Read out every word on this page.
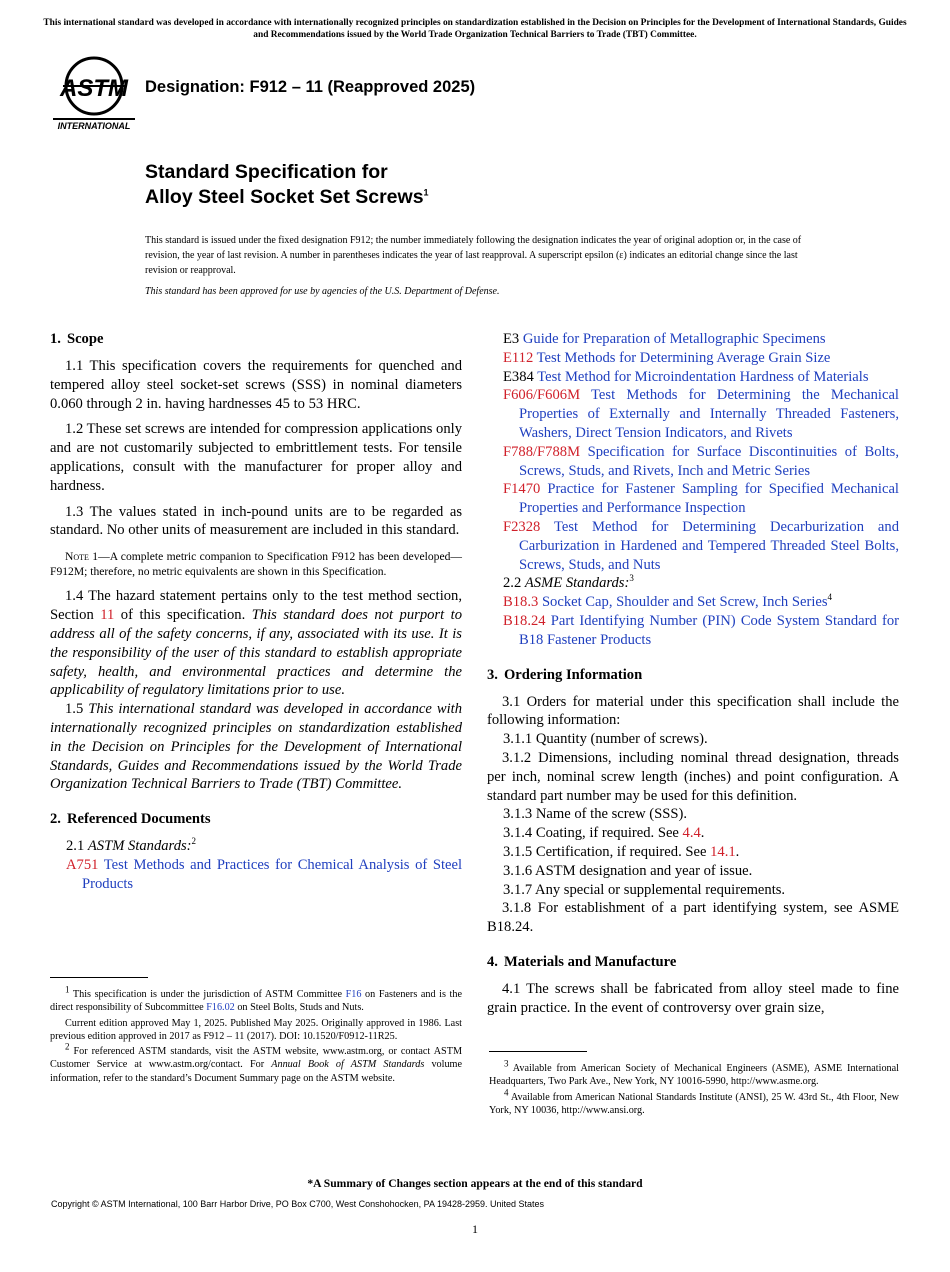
This international standard was developed in accordance with internationally recognized principles on standardization established in the Decision on Principles for the Development of International Standards, Guides and Recommendations issued by the World Trade Organization Technical Barriers to Trade (TBT) Committee.
ASTM
INTERNATIONAL
Designation: F912 – 11 (Reapproved 2025)
Standard Specification for
Alloy Steel Socket Set Screws$^1$
This standard is issued under the fixed designation F912; the number immediately following the designation indicates the year of original adoption or, in the case of revision, the year of last revision. A number in parentheses indicates the year of last reapproval. A superscript epsilon (ε) indicates an editorial change since the last revision or reapproval.
This standard has been approved for use by agencies of the U.S. Department of Defense.
1. Scope

1.1 This specification covers the requirements for quenched and tempered alloy steel socket-set screws (SSS) in nominal diameters 0.060 through 2 in. having hardnesses 45 to 53 HRC.

1.2 These set screws are intended for compression applications only and are not customarily subjected to embrittlement tests. For tensile applications, consult with the manufacturer for proper alloy and hardness.

1.3 The values stated in inch-pound units are to be regarded as standard. No other units of measurement are included in this standard.

Note 1—A complete metric companion to Specification F912 has been developed—F912M; therefore, no metric equivalents are shown in this Specification.

1.4 The hazard statement pertains only to the test method section, Section 11 of this specification. This standard does not purport to address all of the safety concerns, if any, associated with its use. It is the responsibility of the user of this standard to establish appropriate safety, health, and environmental practices and determine the applicability of regulatory limitations prior to use.

1.5 This international standard was developed in accordance with internationally recognized principles on standardization established in the Decision on Principles for the Development of International Standards, Guides and Recommendations issued by the World Trade Organization Technical Barriers to Trade (TBT) Committee.

2. Referenced Documents

2.1 ASTM Standards:$^2$

A751 Test Methods and Practices for Chemical Analysis of Steel Products

$^1$ This specification is under the jurisdiction of ASTM Committee F16 on Fasteners and is the direct responsibility of Subcommittee F16.02 on Steel Bolts, Studs and Nuts.

Current edition approved May 1, 2025. Published May 2025. Originally approved in 1986. Last previous edition approved in 2017 as F912 – 11 (2017). DOI: 10.1520/F0912-11R25.

$^2$ For referenced ASTM standards, visit the ASTM website, www.astm.org, or contact ASTM Customer Service at www.astm.org/contact. For Annual Book of ASTM Standards volume information, refer to the standard’s Document Summary page on the ASTM website.

E3 Guide for Preparation of Metallographic Specimens

E112 Test Methods for Determining Average Grain Size

E384 Test Method for Microindentation Hardness of Materials

F606/F606M Test Methods for Determining the Mechanical Properties of Externally and Internally Threaded Fasteners, Washers, Direct Tension Indicators, and Rivets

F788/F788M Specification for Surface Discontinuities of Bolts, Screws, Studs, and Rivets, Inch and Metric Series

F1470 Practice for Fastener Sampling for Specified Mechanical Properties and Performance Inspection

F2328 Test Method for Determining Decarburization and Carburization in Hardened and Tempered Threaded Steel Bolts, Screws, Studs, and Nuts

2.2 ASME Standards:$^3$

B18.3 Socket Cap, Shoulder and Set Screw, Inch Series$^4$

B18.24 Part Identifying Number (PIN) Code System Standard for B18 Fastener Products

3. Ordering Information

3.1 Orders for material under this specification shall include the following information:

3.1.1 Quantity (number of screws).

3.1.2 Dimensions, including nominal thread designation, threads per inch, nominal screw length (inches) and point configuration. A standard part number may be used for this definition.

3.1.3 Name of the screw (SSS).

3.1.4 Coating, if required. See 4.4.

3.1.5 Certification, if required. See 14.1.

3.1.6 ASTM designation and year of issue.

3.1.7 Any special or supplemental requirements.

3.1.8 For establishment of a part identifying system, see ASME B18.24.

4. Materials and Manufacture

4.1 The screws shall be fabricated from alloy steel made to fine grain practice. In the event of controversy over grain size,

$^3$ Available from American Society of Mechanical Engineers (ASME), ASME International Headquarters, Two Park Ave., New York, NY 10016-5990, http://www.asme.org.

$^4$ Available from American National Standards Institute (ANSI), 25 W. 43rd St., 4th Floor, New York, NY 10036, http://www.ansi.org.

*A Summary of Changes section appears at the end of this standard
Copyright © ASTM International, 100 Barr Harbor Drive, PO Box C700, West Conshohocken, PA 19428-2959. United States
1
